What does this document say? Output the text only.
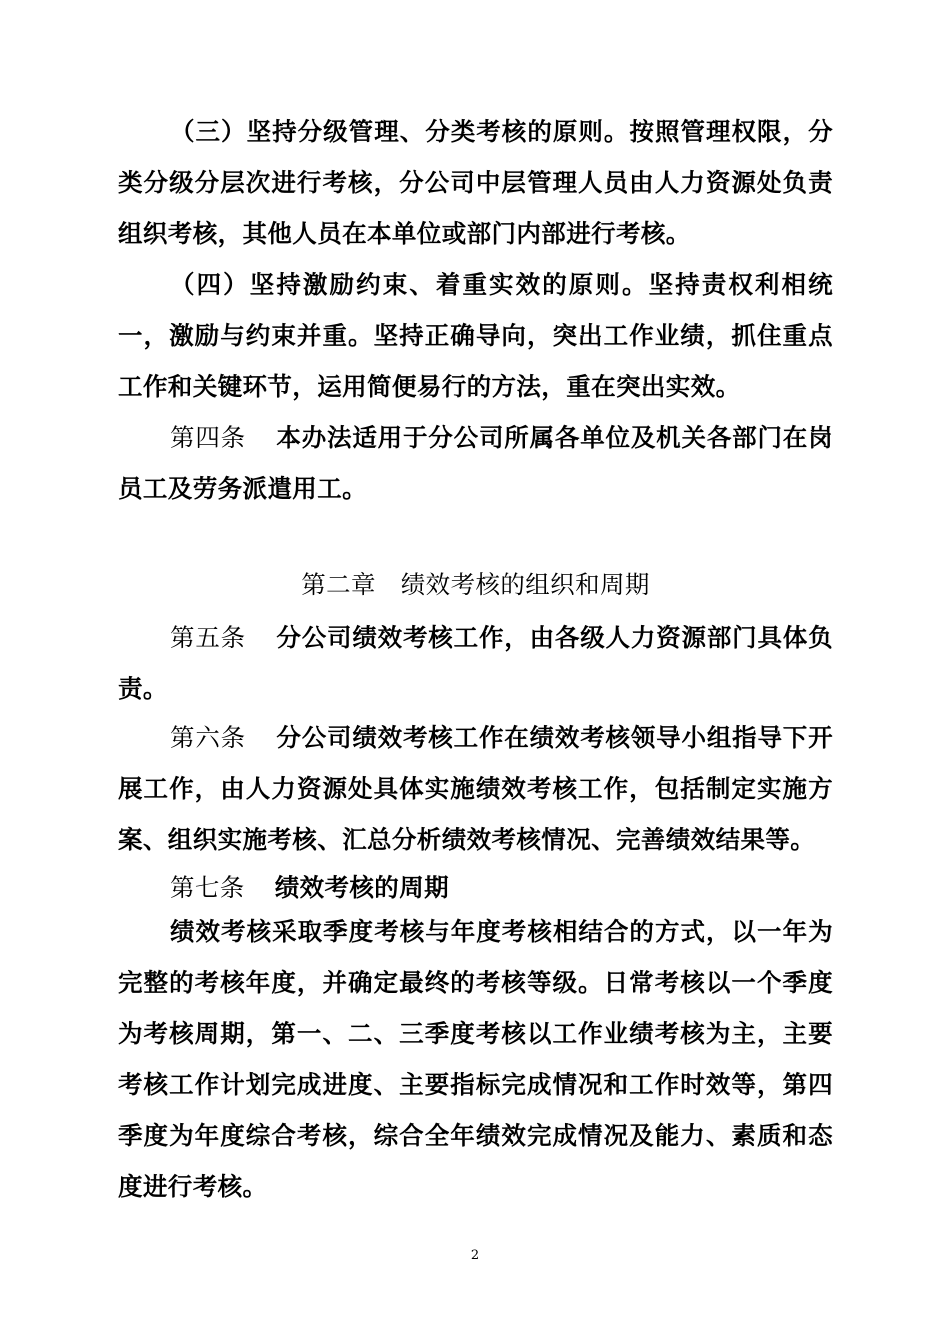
（三）坚持分级管理、分类考核的原则。按照管理权限，分类分级分层次进行考核，分公司中层管理人员由人力资源处负责组织考核，其他人员在本单位或部门内部进行考核。

（四）坚持激励约束、着重实效的原则。坚持责权利相统一，激励与约束并重。坚持正确导向，突出工作业绩，抓住重点工作和关键环节，运用简便易行的方法，重在突出实效。

第四条 本办法适用于分公司所属各单位及机关各部门在岗员工及劳务派遣用工。

第二章　绩效考核的组织和周期

第五条 分公司绩效考核工作，由各级人力资源部门具体负责。

第六条 分公司绩效考核工作在绩效考核领导小组指导下开展工作，由人力资源处具体实施绩效考核工作，包括制定实施方案、组织实施考核、汇总分析绩效考核情况、完善绩效结果等。

第七条 绩效考核的周期

绩效考核采取季度考核与年度考核相结合的方式，以一年为完整的考核年度，并确定最终的考核等级。日常考核以一个季度为考核周期，第一、二、三季度考核以工作业绩考核为主，主要考核工作计划完成进度、主要指标完成情况和工作时效等，第四季度为年度综合考核，综合全年绩效完成情况及能力、素质和态度进行考核。

2
